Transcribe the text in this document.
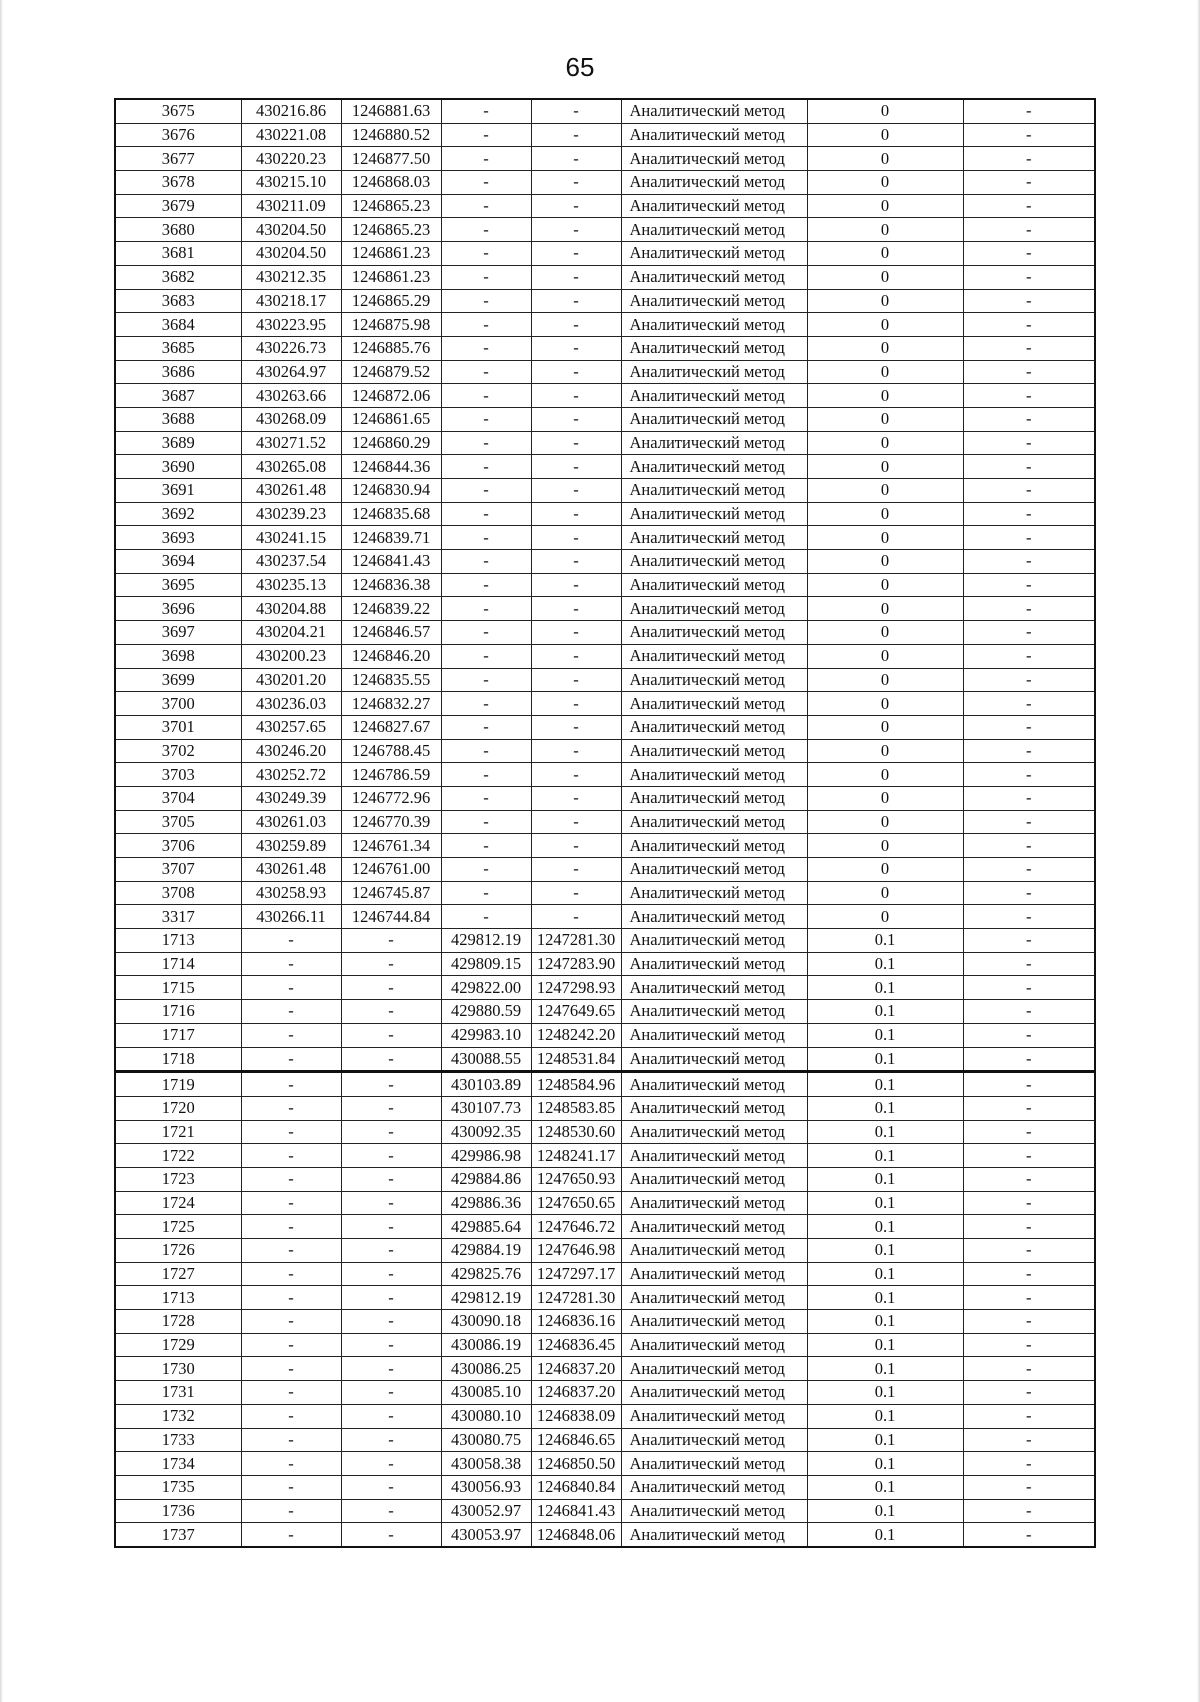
65
3675	430216.86	1246881.63	-	-	Аналитический метод	0	-
3676	430221.08	1246880.52	-	-	Аналитический метод	0	-
3677	430220.23	1246877.50	-	-	Аналитический метод	0	-
3678	430215.10	1246868.03	-	-	Аналитический метод	0	-
3679	430211.09	1246865.23	-	-	Аналитический метод	0	-
3680	430204.50	1246865.23	-	-	Аналитический метод	0	-
3681	430204.50	1246861.23	-	-	Аналитический метод	0	-
3682	430212.35	1246861.23	-	-	Аналитический метод	0	-
3683	430218.17	1246865.29	-	-	Аналитический метод	0	-
3684	430223.95	1246875.98	-	-	Аналитический метод	0	-
3685	430226.73	1246885.76	-	-	Аналитический метод	0	-
3686	430264.97	1246879.52	-	-	Аналитический метод	0	-
3687	430263.66	1246872.06	-	-	Аналитический метод	0	-
3688	430268.09	1246861.65	-	-	Аналитический метод	0	-
3689	430271.52	1246860.29	-	-	Аналитический метод	0	-
3690	430265.08	1246844.36	-	-	Аналитический метод	0	-
3691	430261.48	1246830.94	-	-	Аналитический метод	0	-
3692	430239.23	1246835.68	-	-	Аналитический метод	0	-
3693	430241.15	1246839.71	-	-	Аналитический метод	0	-
3694	430237.54	1246841.43	-	-	Аналитический метод	0	-
3695	430235.13	1246836.38	-	-	Аналитический метод	0	-
3696	430204.88	1246839.22	-	-	Аналитический метод	0	-
3697	430204.21	1246846.57	-	-	Аналитический метод	0	-
3698	430200.23	1246846.20	-	-	Аналитический метод	0	-
3699	430201.20	1246835.55	-	-	Аналитический метод	0	-
3700	430236.03	1246832.27	-	-	Аналитический метод	0	-
3701	430257.65	1246827.67	-	-	Аналитический метод	0	-
3702	430246.20	1246788.45	-	-	Аналитический метод	0	-
3703	430252.72	1246786.59	-	-	Аналитический метод	0	-
3704	430249.39	1246772.96	-	-	Аналитический метод	0	-
3705	430261.03	1246770.39	-	-	Аналитический метод	0	-
3706	430259.89	1246761.34	-	-	Аналитический метод	0	-
3707	430261.48	1246761.00	-	-	Аналитический метод	0	-
3708	430258.93	1246745.87	-	-	Аналитический метод	0	-
3317	430266.11	1246744.84	-	-	Аналитический метод	0	-
1713	-	-	429812.19	1247281.30	Аналитический метод	0.1	-
1714	-	-	429809.15	1247283.90	Аналитический метод	0.1	-
1715	-	-	429822.00	1247298.93	Аналитический метод	0.1	-
1716	-	-	429880.59	1247649.65	Аналитический метод	0.1	-
1717	-	-	429983.10	1248242.20	Аналитический метод	0.1	-
1718	-	-	430088.55	1248531.84	Аналитический метод	0.1	-
1719	-	-	430103.89	1248584.96	Аналитический метод	0.1	-
1720	-	-	430107.73	1248583.85	Аналитический метод	0.1	-
1721	-	-	430092.35	1248530.60	Аналитический метод	0.1	-
1722	-	-	429986.98	1248241.17	Аналитический метод	0.1	-
1723	-	-	429884.86	1247650.93	Аналитический метод	0.1	-
1724	-	-	429886.36	1247650.65	Аналитический метод	0.1	-
1725	-	-	429885.64	1247646.72	Аналитический метод	0.1	-
1726	-	-	429884.19	1247646.98	Аналитический метод	0.1	-
1727	-	-	429825.76	1247297.17	Аналитический метод	0.1	-
1713	-	-	429812.19	1247281.30	Аналитический метод	0.1	-
1728	-	-	430090.18	1246836.16	Аналитический метод	0.1	-
1729	-	-	430086.19	1246836.45	Аналитический метод	0.1	-
1730	-	-	430086.25	1246837.20	Аналитический метод	0.1	-
1731	-	-	430085.10	1246837.20	Аналитический метод	0.1	-
1732	-	-	430080.10	1246838.09	Аналитический метод	0.1	-
1733	-	-	430080.75	1246846.65	Аналитический метод	0.1	-
1734	-	-	430058.38	1246850.50	Аналитический метод	0.1	-
1735	-	-	430056.93	1246840.84	Аналитический метод	0.1	-
1736	-	-	430052.97	1246841.43	Аналитический метод	0.1	-
1737	-	-	430053.97	1246848.06	Аналитический метод	0.1	-
